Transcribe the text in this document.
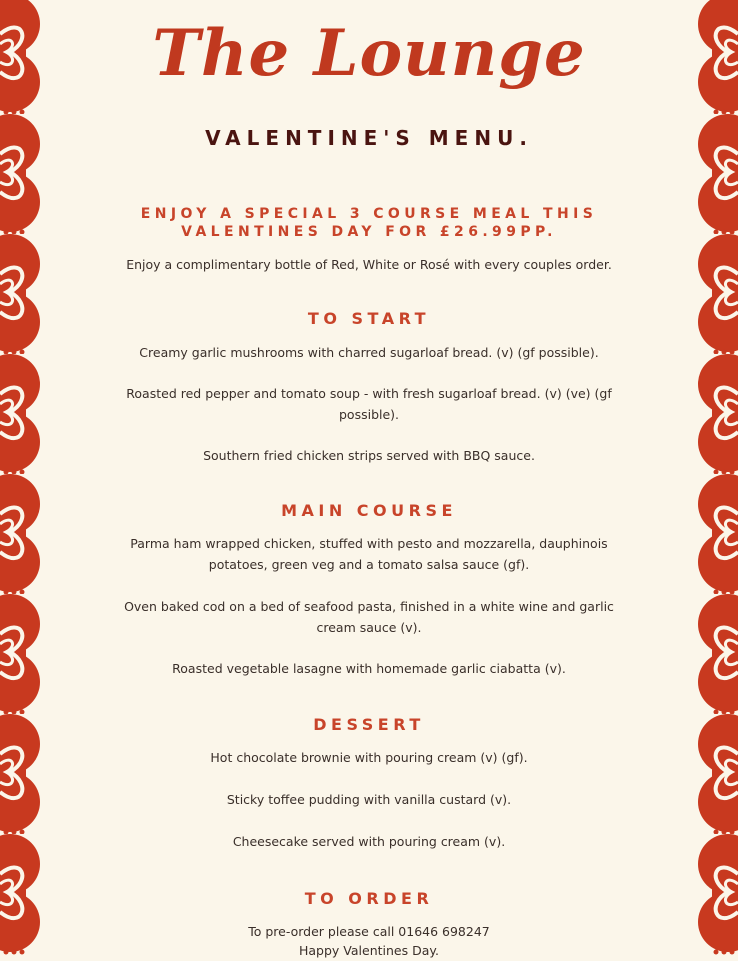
The Lounge
VALENTINE'S MENU.

ENJOY A SPECIAL 3 COURSE MEAL THIS VALENTINES DAY FOR £26.99PP.

Enjoy a complimentary bottle of Red, White or Rosé with every couples order.

TO START

Creamy garlic mushrooms with charred sugarloaf bread. (v) (gf possible).

Roasted red pepper and tomato soup - with fresh sugarloaf bread. (v) (ve) (gf possible).

Southern fried chicken strips served with BBQ sauce.

MAIN COURSE

Parma ham wrapped chicken, stuffed with pesto and mozzarella, dauphinois potatoes, green veg and a tomato salsa sauce (gf).

Oven baked cod on a bed of seafood pasta, finished in a white wine and garlic cream sauce (v).

Roasted vegetable lasagne with homemade garlic ciabatta (v).

DESSERT

Hot chocolate brownie with pouring cream (v) (gf).

Sticky toffee pudding with vanilla custard (v).

Cheesecake served with pouring cream (v).

TO ORDER

To pre-order please call 01646 698247

Happy Valentines Day.
